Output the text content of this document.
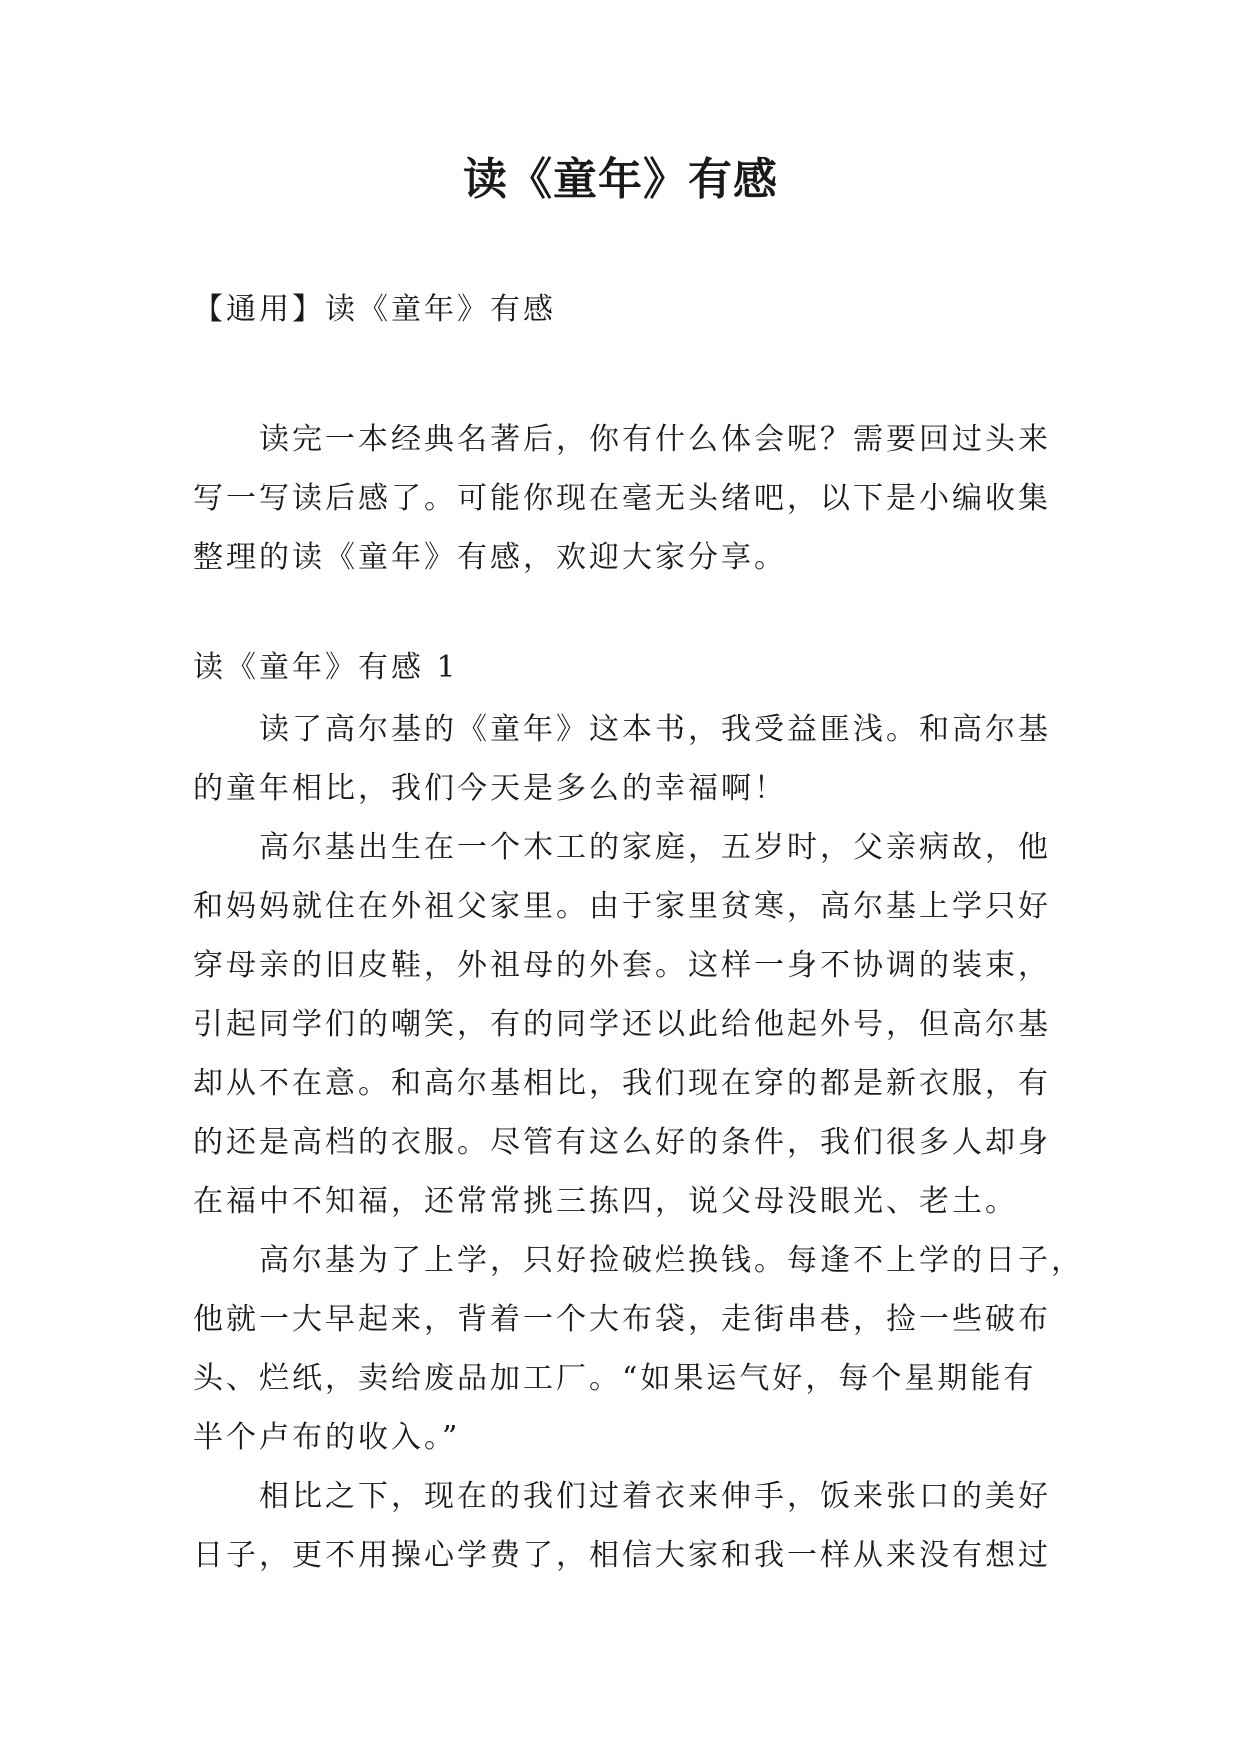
读《童年》有感
【通用】读《童年》有感
读完一本经典名著后，你有什么体会呢？需要回过头来
写一写读后感了。可能你现在毫无头绪吧，以下是小编收集
整理的读《童年》有感，欢迎大家分享。
读《童年》有感 1
读了高尔基的《童年》这本书，我受益匪浅。和高尔基
的童年相比，我们今天是多么的幸福啊！
高尔基出生在一个木工的家庭，五岁时，父亲病故，他
和妈妈就住在外祖父家里。由于家里贫寒，高尔基上学只好
穿母亲的旧皮鞋，外祖母的外套。这样一身不协调的装束，
引起同学们的嘲笑，有的同学还以此给他起外号，但高尔基
却从不在意。和高尔基相比，我们现在穿的都是新衣服，有
的还是高档的衣服。尽管有这么好的条件，我们很多人却身
在福中不知福，还常常挑三拣四，说父母没眼光、老土。
高尔基为了上学，只好捡破烂换钱。每逢不上学的日子，
他就一大早起来，背着一个大布袋，走街串巷，捡一些破布
头、烂纸，卖给废品加工厂。“如果运气好，每个星期能有
半个卢布的收入。”
相比之下，现在的我们过着衣来伸手，饭来张口的美好
日子，更不用操心学费了，相信大家和我一样从来没有想过
